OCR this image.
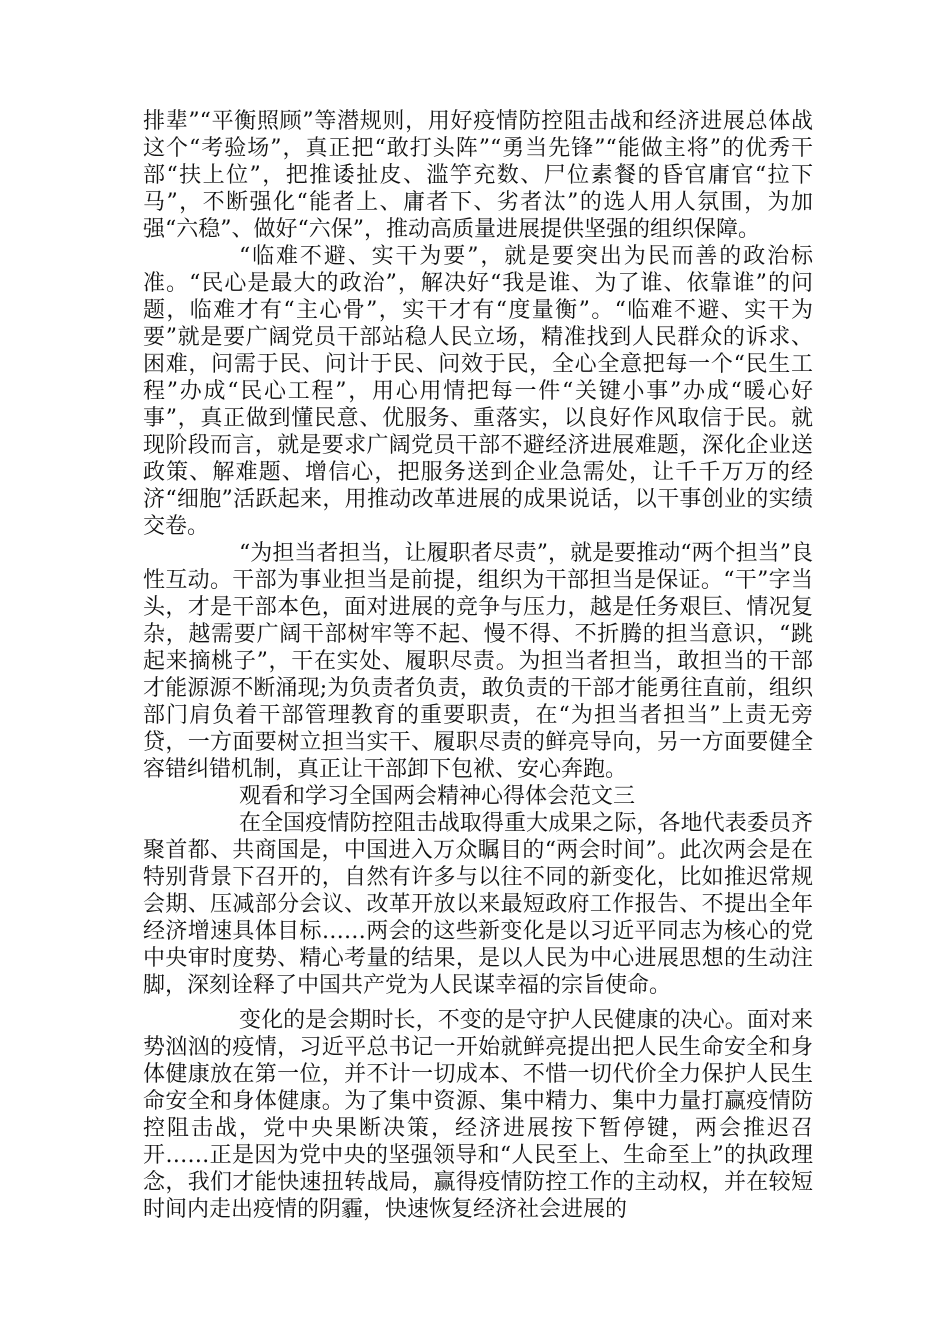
排辈”“平衡照顾”等潜规则，用好疫情防控阻击战和经济进展总体战这个“考验场”，真正把“敢打头阵”“勇当先锋”“能做主将”的优秀干部“扶上位”，把推诿扯皮、滥竽充数、尸位素餐的昏官庸官“拉下马”，不断强化“能者上、庸者下、劣者汰”的选人用人氛围，为加强“六稳”、做好“六保”，推动高质量进展提供坚强的组织保障。

“临难不避、实干为要”，就是要突出为民而善的政治标准。“民心是最大的政治”，解决好“我是谁、为了谁、依靠谁”的问题，临难才有“主心骨”，实干才有“度量衡”。“临难不避、实干为要”就是要广阔党员干部站稳人民立场，精准找到人民群众的诉求、困难，问需于民、问计于民、问效于民，全心全意把每一个“民生工程”办成“民心工程”，用心用情把每一件“关键小事”办成“暖心好事”，真正做到懂民意、优服务、重落实，以良好作风取信于民。就现阶段而言，就是要求广阔党员干部不避经济进展难题，深化企业送政策、解难题、增信心，把服务送到企业急需处，让千千万万的经济“细胞”活跃起来，用推动改革进展的成果说话，以干事创业的实绩交卷。

“为担当者担当，让履职者尽责”，就是要推动“两个担当”良性互动。干部为事业担当是前提，组织为干部担当是保证。“干”字当头，才是干部本色，面对进展的竞争与压力，越是任务艰巨、情况复杂，越需要广阔干部树牢等不起、慢不得、不折腾的担当意识，“跳起来摘桃子”，干在实处、履职尽责。为担当者担当，敢担当的干部才能源源不断涌现;为负责者负责，敢负责的干部才能勇往直前，组织部门肩负着干部管理教育的重要职责，在“为担当者担当”上责无旁贷，一方面要树立担当实干、履职尽责的鲜亮导向，另一方面要健全容错纠错机制，真正让干部卸下包袱、安心奔跑。

观看和学习全国两会精神心得体会范文三

在全国疫情防控阻击战取得重大成果之际，各地代表委员齐聚首都、共商国是，中国进入万众瞩目的“两会时间”。此次两会是在特别背景下召开的，自然有许多与以往不同的新变化，比如推迟常规会期、压减部分会议、改革开放以来最短政府工作报告、不提出全年经济增速具体目标……两会的这些新变化是以习近平同志为核心的党中央审时度势、精心考量的结果，是以人民为中心进展思想的生动注脚，深刻诠释了中国共产党为人民谋幸福的宗旨使命。

变化的是会期时长，不变的是守护人民健康的决心。面对来势汹汹的疫情，习近平总书记一开始就鲜亮提出把人民生命安全和身体健康放在第一位，并不计一切成本、不惜一切代价全力保护人民生命安全和身体健康。为了集中资源、集中精力、集中力量打赢疫情防控阻击战，党中央果断决策，经济进展按下暂停键，两会推迟召开……正是因为党中央的坚强领导和“人民至上、生命至上”的执政理念，我们才能快速扭转战局，赢得疫情防控工作的主动权，并在较短时间内走出疫情的阴霾，快速恢复经济社会进展的
